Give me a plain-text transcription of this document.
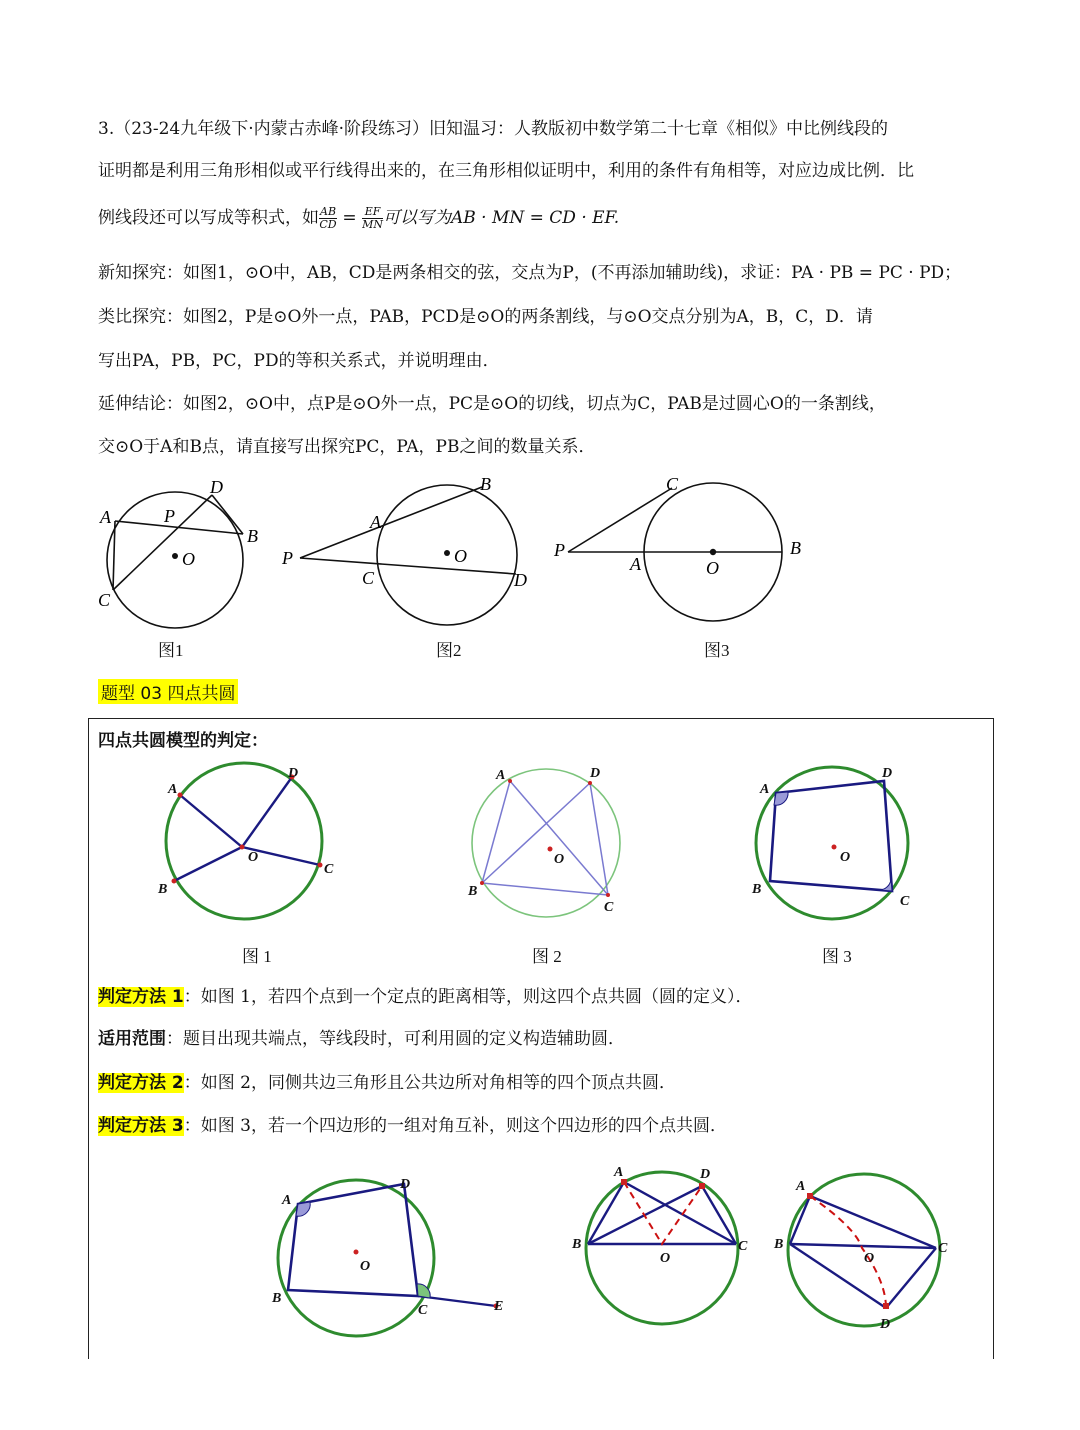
3.（23-24九年级下·内蒙古赤峰·阶段练习）旧知温习：人教版初中数学第二十七章《相似》中比例线段的
证明都是利用三角形相似或平行线得出来的，在三角形相似证明中，利用的条件有角相等，对应边成比例．比
例线段还可以写成等积式，如 $\frac{AB}{CD} = \frac{EF}{MN}$ 可以写为AB · MN = CD · EF.
新知探究：如图1，⊙O中，AB，CD是两条相交的弦，交点为P，(不再添加辅助线)，求证：PA · PB = PC · PD；
类比探究：如图2，P是⊙O外一点，PAB，PCD是⊙O的两条割线，与⊙O交点分别为A，B，C，D．请
写出PA，PB，PC，PD的等积关系式，并说明理由．
延伸结论：如图2，⊙O中，点P是⊙O外一点，PC是⊙O的切线，切点为C，PAB是过圆心O的一条割线，
交⊙O于A和B点，请直接写出探究PC，PA，PB之间的数量关系．
A
D
P
B
O
C
P
A
B
O
C	D
P
C
A	O
B
图1	图2	图3
题型 03 四点共圆
四点共圆模型的判定：
A
D
O
C
B
A	D
O
B
C
A
D
O
B
C
图 1	图 2	图 3
判定方法 1：如图 1，若四个点到一个定点的距离相等，则这四个点共圆（圆的定义）．
适用范围：题目出现共端点，等线段时，可利用圆的定义构造辅助圆．
判定方法 2：如图 2，同侧共边三角形且公共边所对角相等的四个顶点共圆．
判定方法 3：如图 3，若一个四边形的一组对角互补，则这个四边形的四个点共圆．
A
D
O
B
C	E
A	D
B	C
O
A
B
O
C
D
